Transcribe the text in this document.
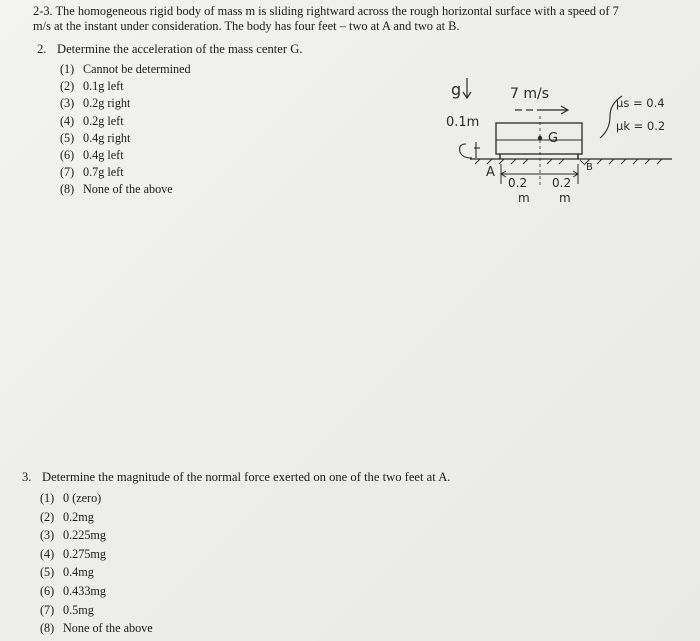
2-3. The homogeneous rigid body of mass m is sliding rightward across the rough horizontal surface with a speed of 7
m/s at the instant under consideration. The body has four feet – two at A and two at B.
2. Determine the acceleration of the mass center G.
(1) Cannot be determined
(2) 0.1g left
(3) 0.2g right
(4) 0.2g left
(5) 0.4g right
(6) 0.4g left
(7) 0.7g left
(8) None of the above
g	7 m/s
0.1m
G
A	B
0.2
m
0.2
m
μs = 0.4
μk = 0.2
3. Determine the magnitude of the normal force exerted on one of the two feet at A.
(1) 0 (zero)
(2) 0.2mg
(3) 0.225mg
(4) 0.275mg
(5) 0.4mg
(6) 0.433mg
(7) 0.5mg
(8) None of the above
